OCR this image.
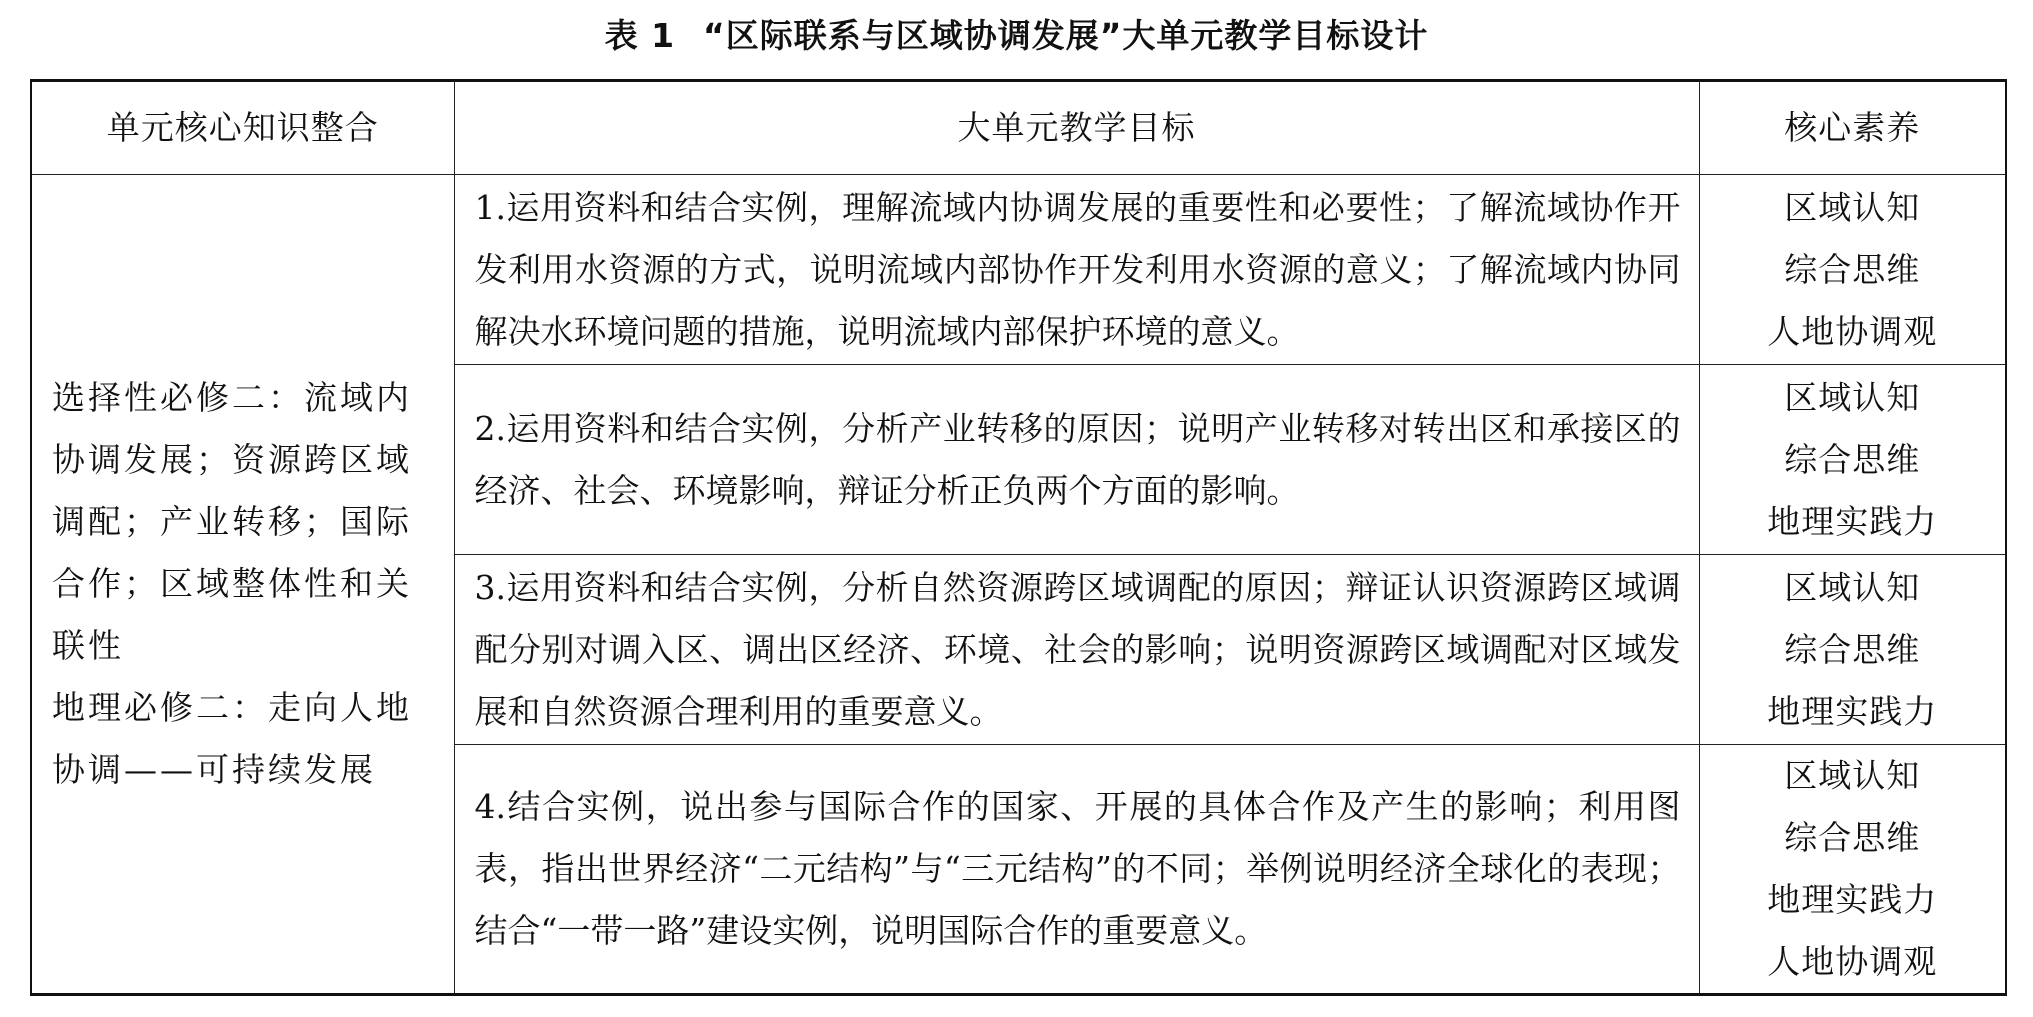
表 1 “区际联系与区域协调发展”大单元教学目标设计
单元核心知识整合	大单元教学目标	核心素养

选择性必修二：流域内协调发展；资源跨区域调配；产业转移；国际合作；区域整体性和关联性
地理必修二：走向人地协调——可持续发展	1.运用资料和结合实例，理解流域内协调发展的重要性和必要性；了解流域协作开发利用水资源的方式，说明流域内部协作开发利用水资源的意义；了解流域内协同解决水环境问题的措施，说明流域内部保护环境的意义。	区域认知
综合思维
人地协调观

	2.运用资料和结合实例，分析产业转移的原因；说明产业转移对转出区和承接区的经济、社会、环境影响，辩证分析正负两个方面的影响。	区域认知
综合思维
地理实践力

	3.运用资料和结合实例，分析自然资源跨区域调配的原因；辩证认识资源跨区域调配分别对调入区、调出区经济、环境、社会的影响；说明资源跨区域调配对区域发展和自然资源合理利用的重要意义。	区域认知
综合思维
地理实践力

	4.结合实例，说出参与国际合作的国家、开展的具体合作及产生的影响；利用图表，指出世界经济“二元结构”与“三元结构”的不同；举例说明经济全球化的表现；结合“一带一路”建设实例，说明国际合作的重要意义。	区域认知
综合思维
地理实践力
人地协调观
